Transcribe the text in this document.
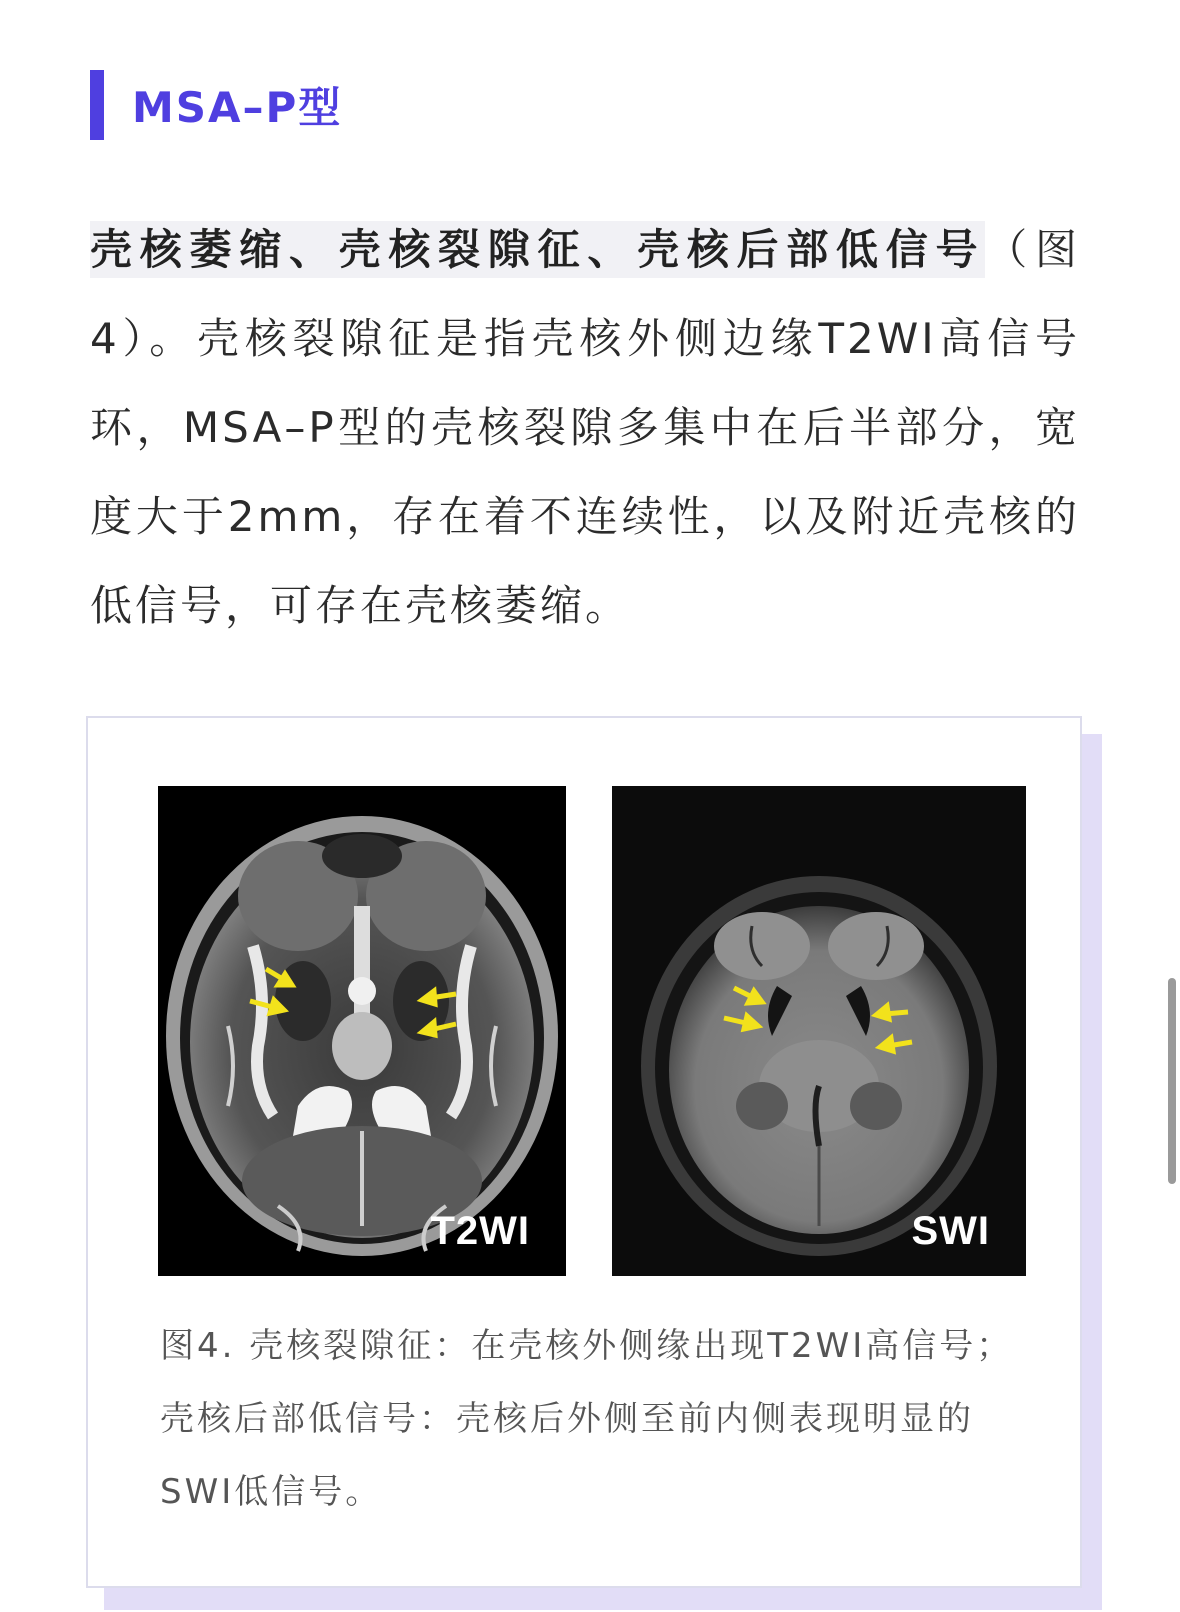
MSA–P型
壳核萎缩、壳核裂隙征、壳核后部低信号（图4）。壳核裂隙征是指壳核外侧边缘T2WI高信号环，MSA–P型的壳核裂隙多集中在后半部分，宽度大于2mm，存在着不连续性，以及附近壳核的低信号，可存在壳核萎缩。
T2WI	SWI
图4. 壳核裂隙征：在壳核外侧缘出现T2WI高信号；壳核后部低信号：壳核后外侧至前内侧表现明显的SWI低信号。
